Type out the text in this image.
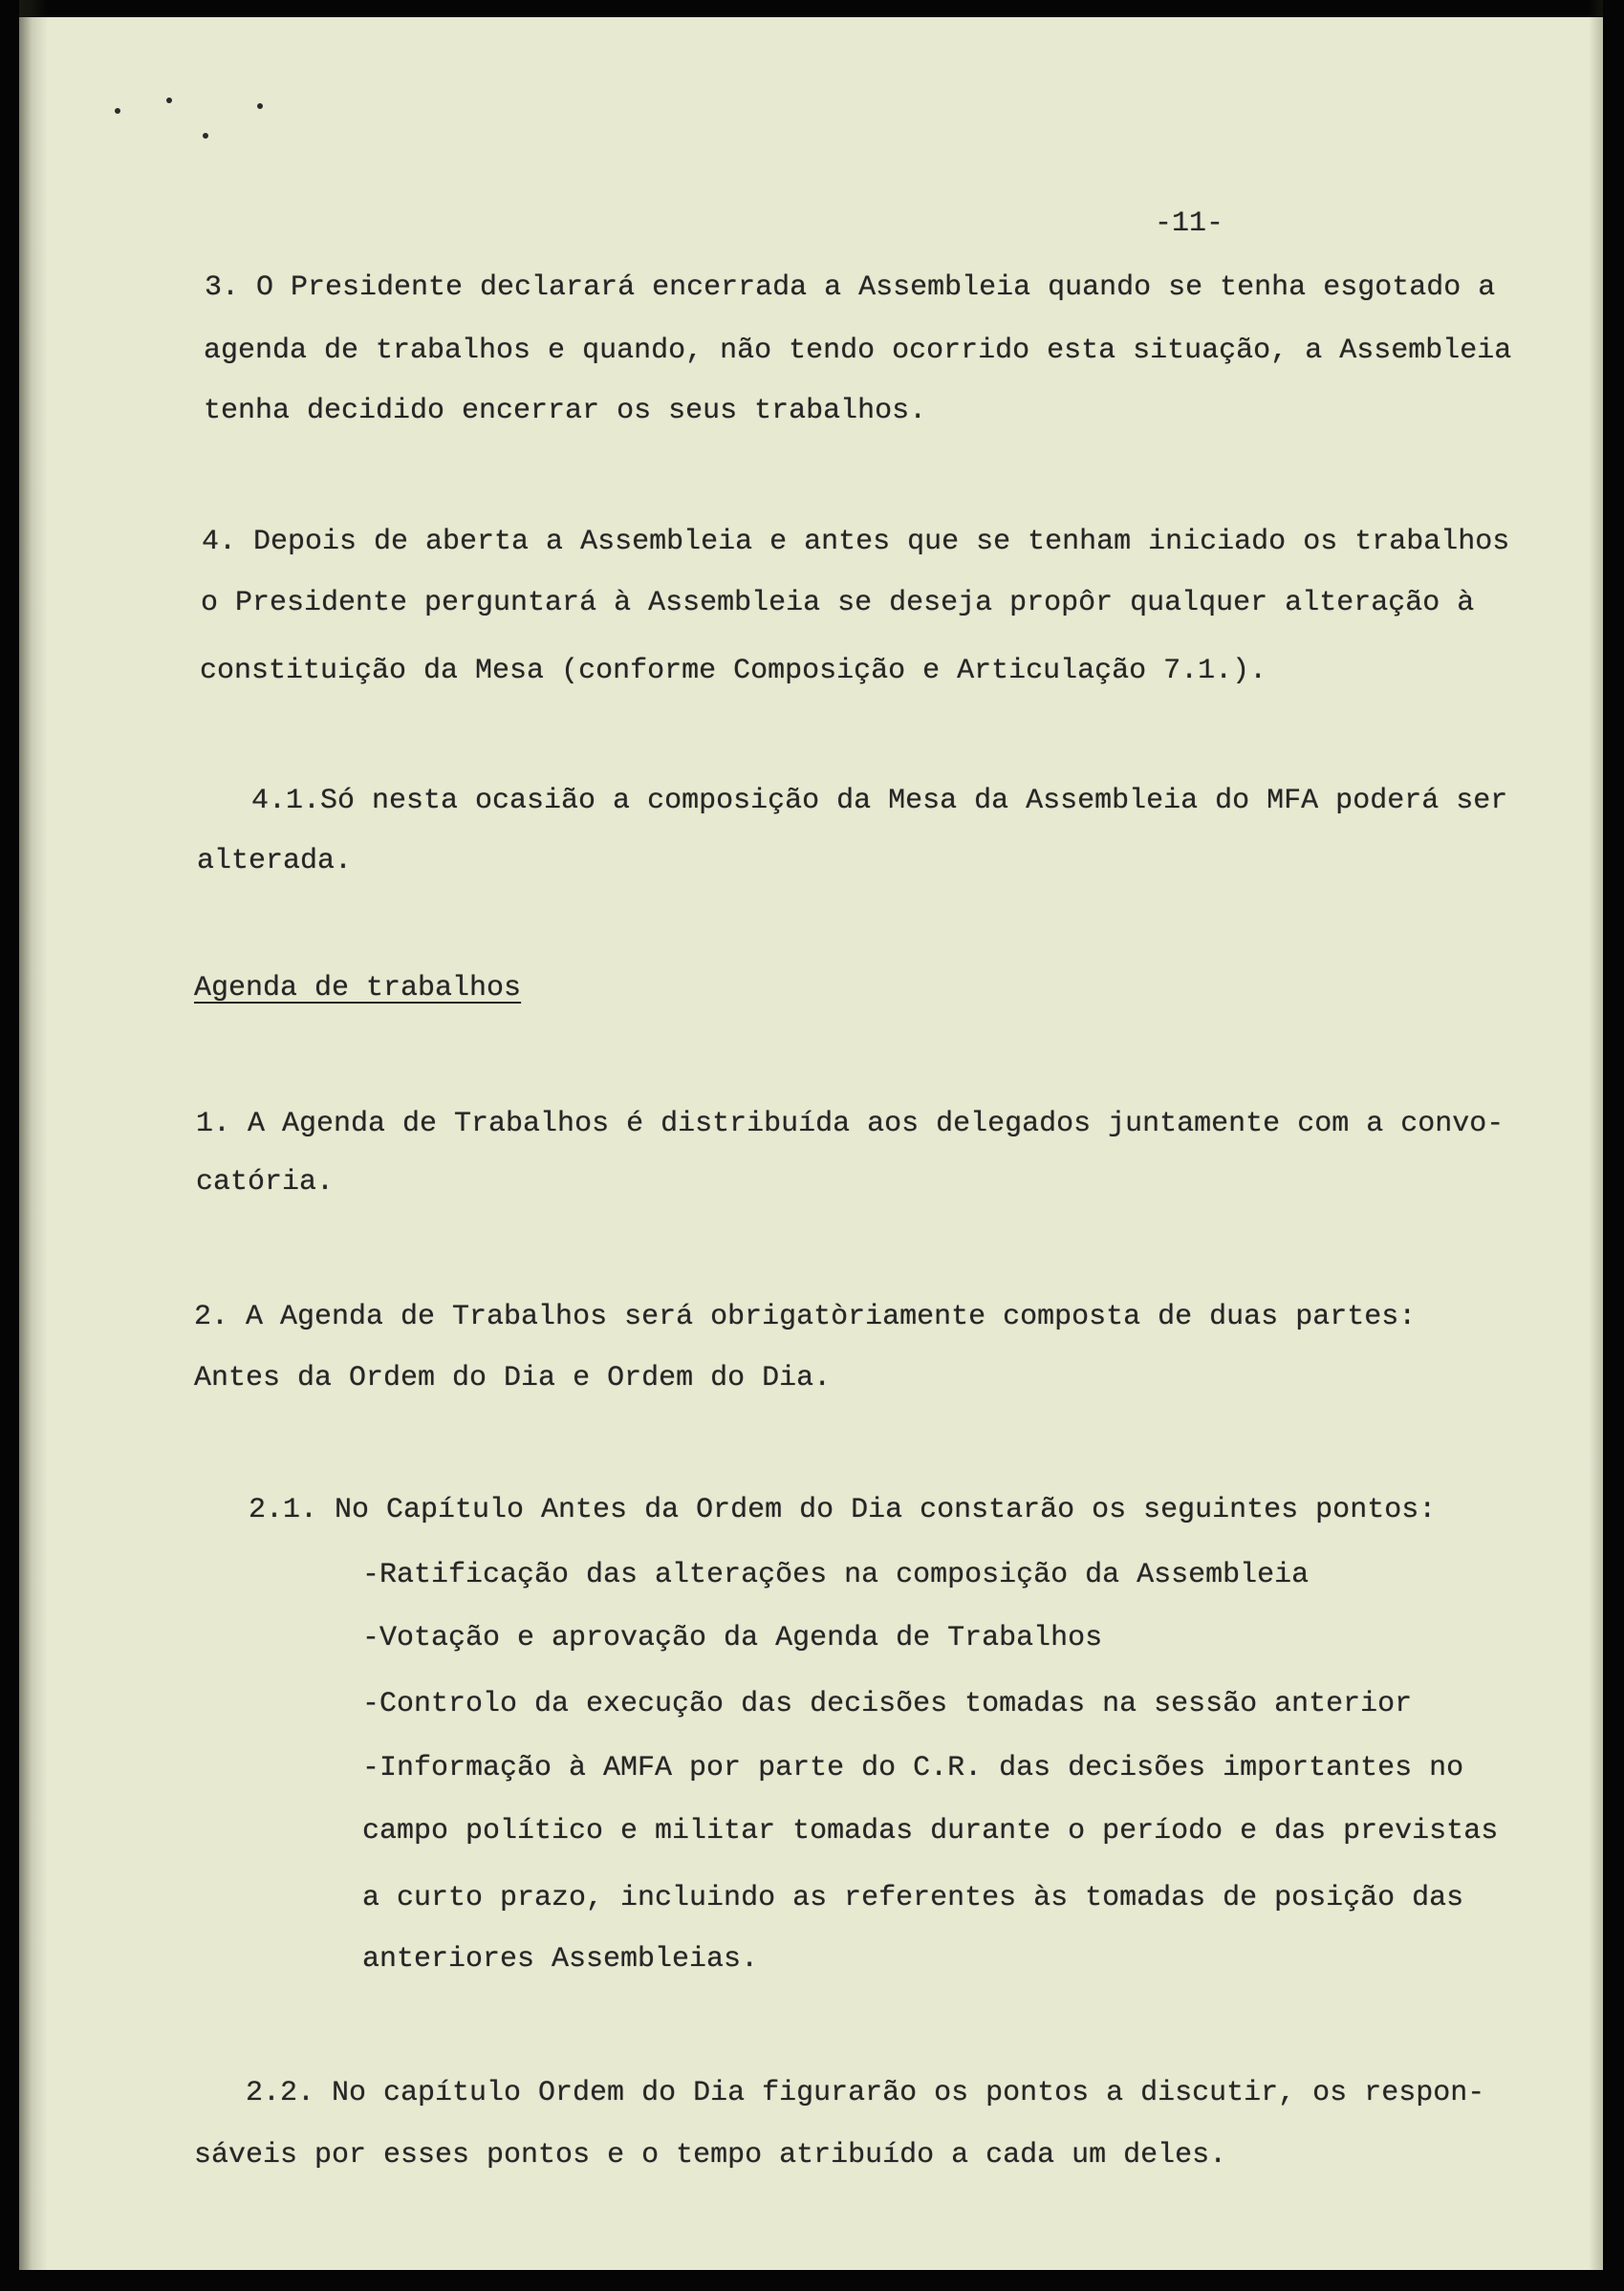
-11-
3. O Presidente declarará encerrada a Assembleia quando se tenha esgotado a
agenda de trabalhos e quando, não tendo ocorrido esta situação, a Assembleia
tenha decidido encerrar os seus trabalhos.
4. Depois de aberta a Assembleia e antes que se tenham iniciado os trabalhos
o Presidente perguntará à Assembleia se deseja propôr qualquer alteração à
constituição da Mesa (conforme Composição e Articulação 7.1.).
4.1.Só nesta ocasião a composição da Mesa da Assembleia do MFA poderá ser
alterada.
Agenda de trabalhos
1. A Agenda de Trabalhos é distribuída aos delegados juntamente com a convo-
catória.
2. A Agenda de Trabalhos será obrigatòriamente composta de duas partes:
Antes da Ordem do Dia e Ordem do Dia.
2.1. No Capítulo Antes da Ordem do Dia constarão os seguintes pontos:
-Ratificação das alterações na composição da Assembleia
-Votação e aprovação da Agenda de Trabalhos
-Controlo da execução das decisões tomadas na sessão anterior
-Informação à AMFA por parte do C.R. das decisões importantes no
campo político e militar tomadas durante o período e das previstas
a curto prazo, incluindo as referentes às tomadas de posição das
anteriores Assembleias.
2.2. No capítulo Ordem do Dia figurarão os pontos a discutir, os respon-
sáveis por esses pontos e o tempo atribuído a cada um deles.
